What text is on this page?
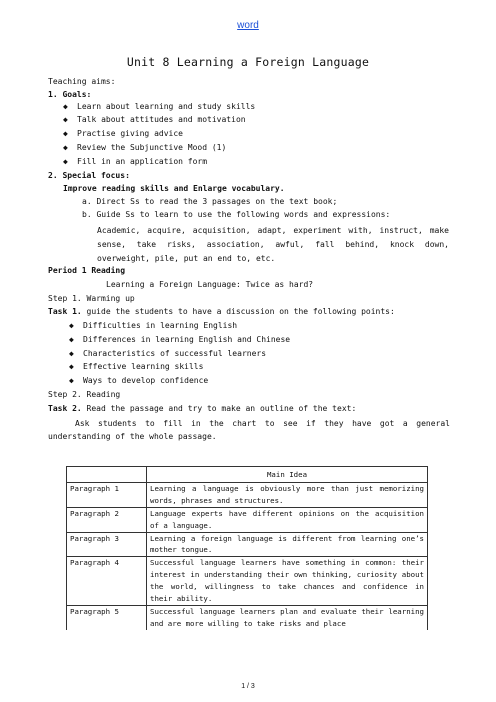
word
Unit 8 Learning a Foreign Language
Teaching aims:
1. Goals:
◆ Learn about learning and study skills
◆ Talk about attitudes and motivation
◆ Practise giving advice
◆ Review the Subjunctive Mood (1)
◆ Fill in an application form
2. Special focus:
Improve reading skills and Enlarge vocabulary.
a. Direct Ss to read the 3 passages on the text book;
b. Guide Ss to learn to use the following words and expressions:
Academic, acquire, acquisition, adapt, experiment with, instruct, make sense, take risks, association, awful, fall behind, knock down, overweight, pile, put an end to, etc.
Period 1 Reading
Learning a Foreign Language: Twice as hard?
Step 1. Warming up
Task 1. guide the students to have a discussion on the following points:
◆ Difficulties in learning English
◆ Differences in learning English and Chinese
◆ Characteristics of successful learners
◆ Effective learning skills
◆ Ways to develop confidence
Step 2. Reading
Task 2. Read the passage and try to make an outline of the text:
Ask students to fill in the chart to see if they have got a general understanding of the whole passage.
	Main Idea
Paragraph 1	Learning a language is obviously more than just memorizing words, phrases and structures.
Paragraph 2	Language experts have different opinions on the acquisition of a language.
Paragraph 3	Learning a foreign language is different from learning one’s mother tongue.
Paragraph 4	Successful language learners have something in common: their interest in understanding their own thinking, curiosity about the world, willingness to take chances and confidence in their ability.
Paragraph 5	Successful language learners plan and evaluate their learning and are more willing to take risks and place
1 / 3
